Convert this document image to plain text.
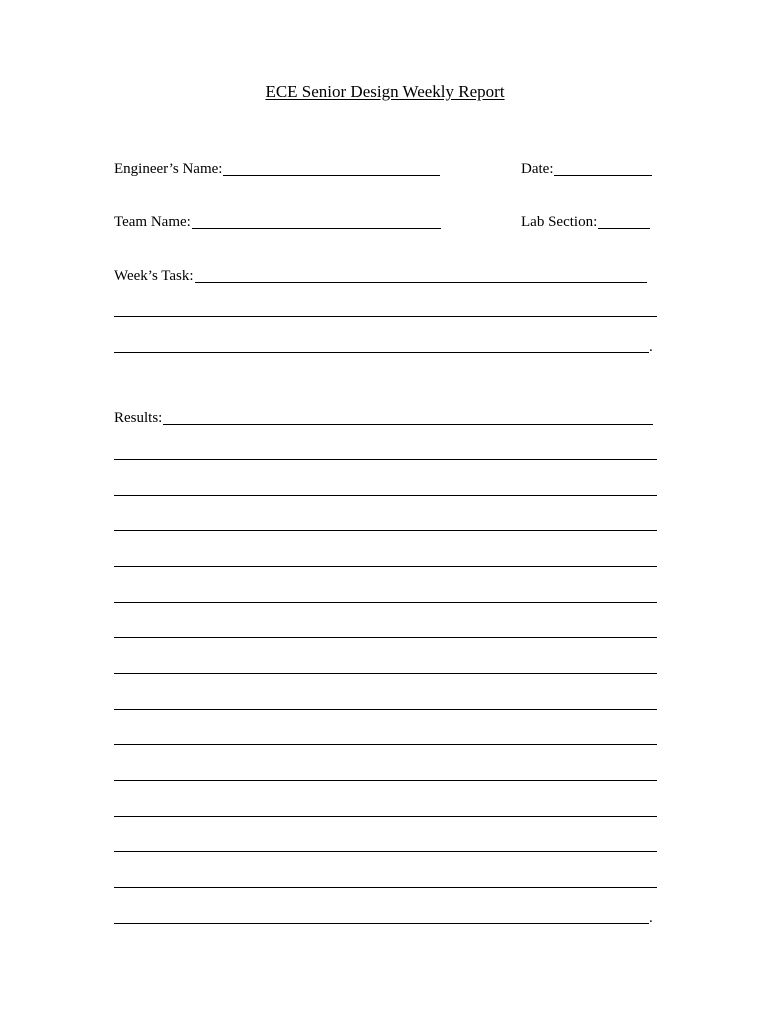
ECE Senior Design Weekly Report
Engineer’s Name:	Date:
Team Name:	Lab Section:
Week’s Task:
.
Results:
.
